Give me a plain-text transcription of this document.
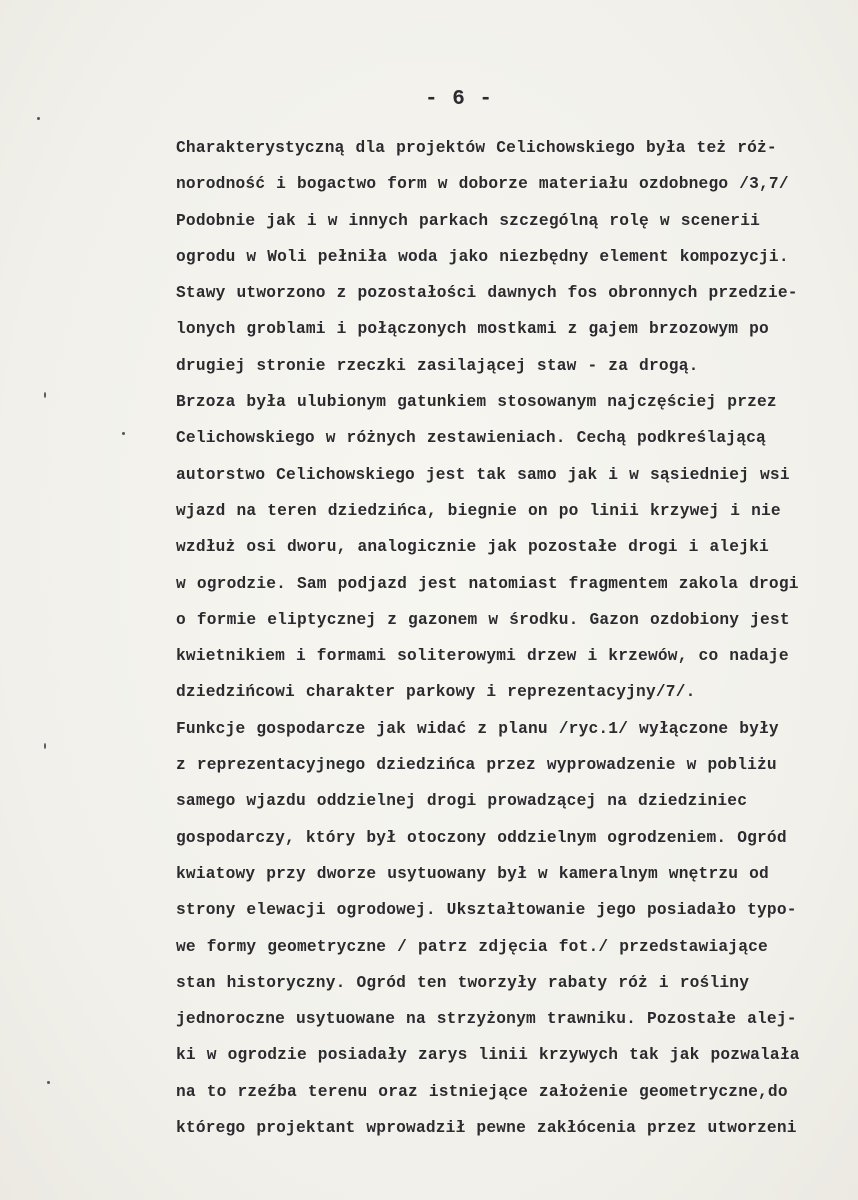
- 6 -
Charakterystyczną dla projektów Celichowskiego była też róż-
norodność i bogactwo form w doborze materiału ozdobnego /3,7/
Podobnie jak i w innych parkach szczególną rolę w scenerii
ogrodu w Woli pełniła woda jako niezbędny element kompozycji.
Stawy utworzono z pozostałości dawnych fos obronnych przedzie-
lonych groblami i połączonych mostkami z gajem brzozowym po
drugiej stronie rzeczki zasilającej staw - za drogą.
Brzoza była ulubionym gatunkiem stosowanym najczęściej przez
Celichowskiego w różnych zestawieniach. Cechą podkreślającą
autorstwo Celichowskiego jest tak samo jak i w sąsiedniej wsi
wjazd na teren dziedzińca, biegnie on po linii krzywej i nie
wzdłuż osi dworu, analogicznie jak pozostałe drogi i alejki
w ogrodzie. Sam podjazd jest natomiast fragmentem zakola drogi
o formie eliptycznej z gazonem w środku. Gazon ozdobiony jest
kwietnikiem i formami soliterowymi drzew i krzewów, co nadaje
dziedzińcowi charakter parkowy i reprezentacyjny/7/.
Funkcje gospodarcze jak widać z planu /ryc.1/ wyłączone były
z reprezentacyjnego dziedzińca przez wyprowadzenie w pobliżu
samego wjazdu oddzielnej drogi prowadzącej na dziedziniec
gospodarczy, który był otoczony oddzielnym ogrodzeniem. Ogród
kwiatowy przy dworze usytuowany był w kameralnym wnętrzu od
strony elewacji ogrodowej. Ukształtowanie jego posiadało typo-
we formy geometryczne / patrz zdjęcia fot./ przedstawiające
stan historyczny. Ogród ten tworzyły rabaty róż i rośliny
jednoroczne usytuowane na strzyżonym trawniku. Pozostałe alej-
ki w ogrodzie posiadały zarys linii krzywych tak jak pozwalała
na to rzeźba terenu oraz istniejące założenie geometryczne,do
którego projektant wprowadził pewne zakłócenia przez utworzeni
